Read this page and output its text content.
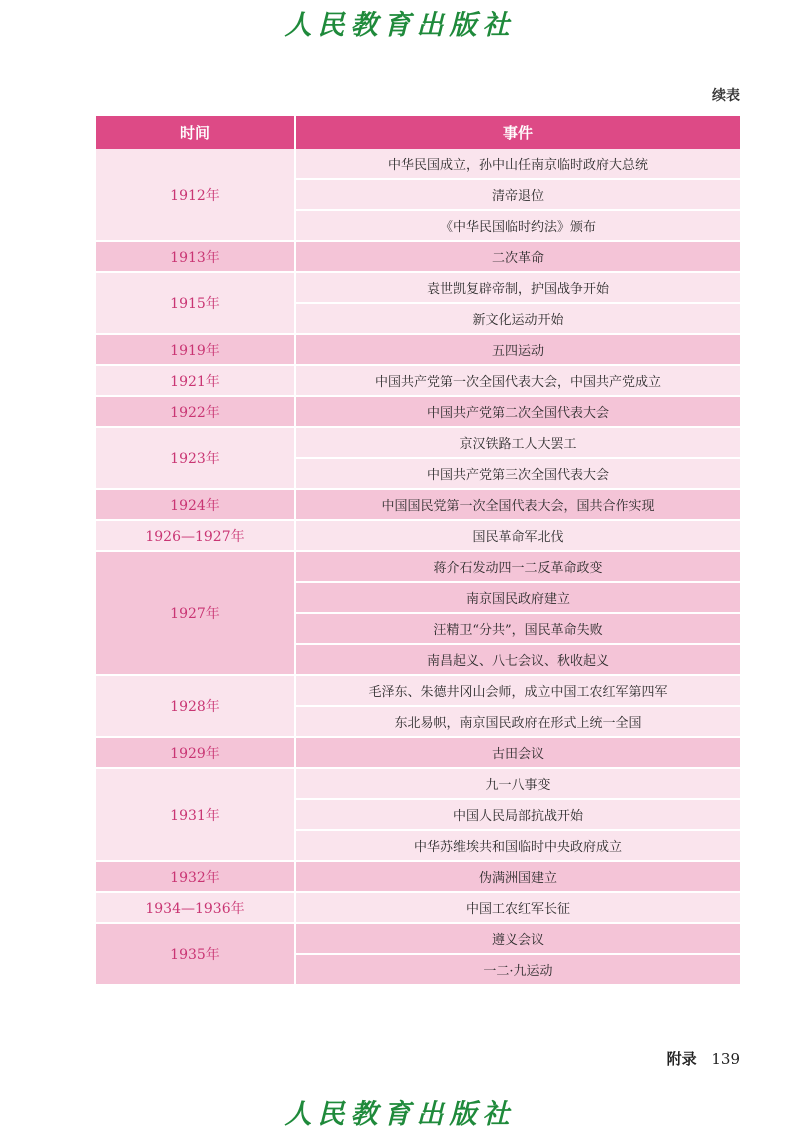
人民教育出版社
续表
时间	事件
1912年	中华民国成立，孙中山任南京临时政府大总统
	清帝退位
	《中华民国临时约法》颁布
1913年	二次革命
1915年	袁世凯复辟帝制，护国战争开始
	新文化运动开始
1919年	五四运动
1921年	中国共产党第一次全国代表大会，中国共产党成立
1922年	中国共产党第二次全国代表大会
1923年	京汉铁路工人大罢工
	中国共产党第三次全国代表大会
1924年	中国国民党第一次全国代表大会，国共合作实现
1926—1927年	国民革命军北伐
1927年	蒋介石发动四一二反革命政变
	南京国民政府建立
	汪精卫“分共”，国民革命失败
	南昌起义、八七会议、秋收起义
1928年	毛泽东、朱德井冈山会师，成立中国工农红军第四军
	东北易帜，南京国民政府在形式上统一全国
1929年	古田会议
1931年	九一八事变
	中国人民局部抗战开始
	中华苏维埃共和国临时中央政府成立
1932年	伪满洲国建立
1934—1936年	中国工农红军长征
1935年	遵义会议
	一二·九运动
人民教育出版社
附录 139
